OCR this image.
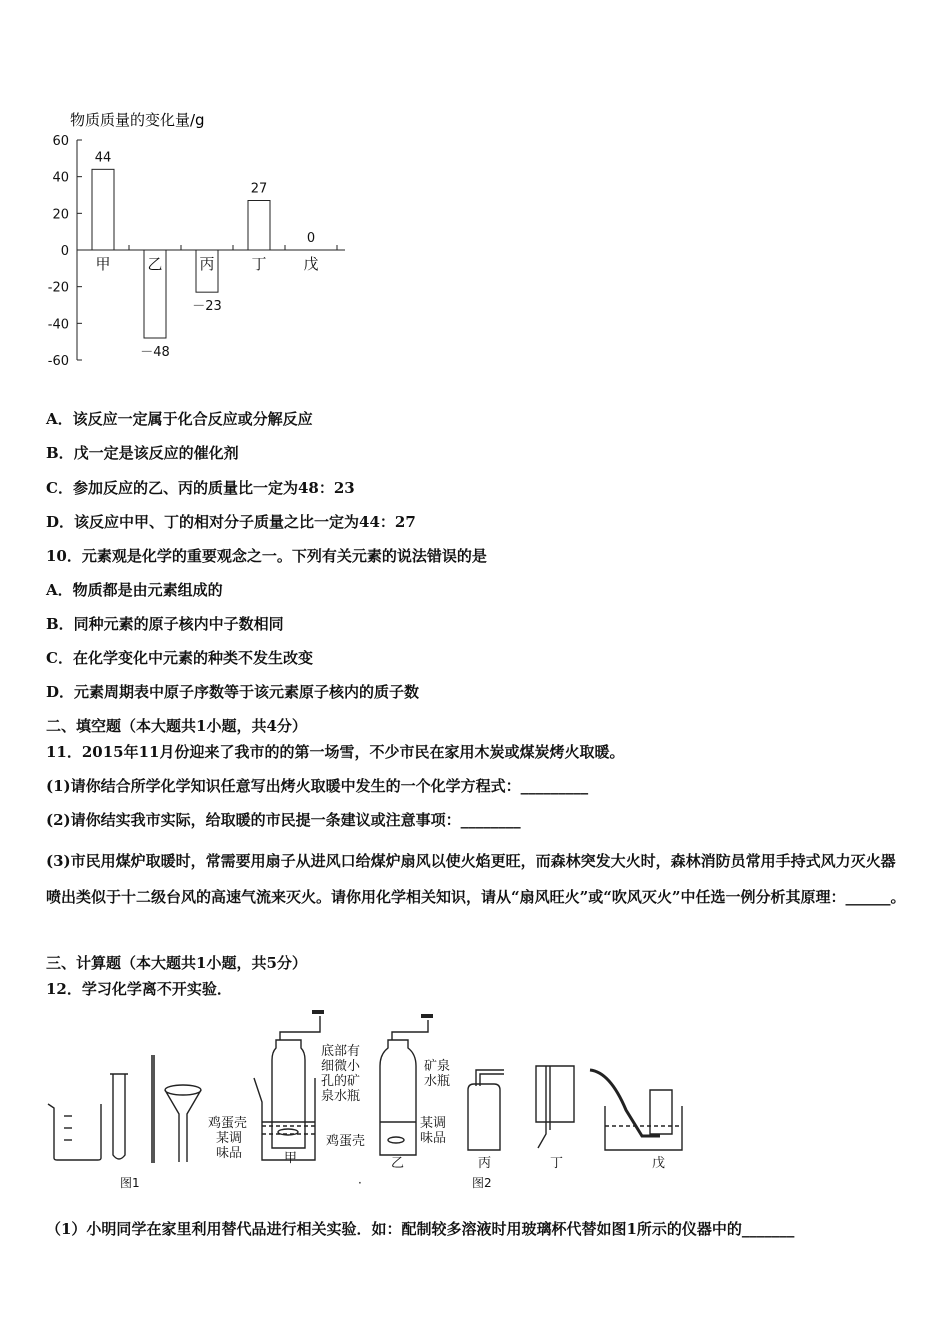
物质质量的变化量/g
60
40
20
0
-20
-40
-60
甲
44
乙
－48
丙
－23
丁
27
戊
0
A．该反应一定属于化合反应或分解反应
B．戊一定是该反应的催化剂
C．参加反应的乙、丙的质量比一定为48：23
D．该反应中甲、丁的相对分子质量之比一定为44：27
10．元素观是化学的重要观念之一。下列有关元素的说法错误的是
A．物质都是由元素组成的
B．同种元素的原子核内中子数相同
C．在化学变化中元素的种类不发生改变
D．元素周期表中原子序数等于该元素原子核内的质子数
二、填空题（本大题共1小题，共4分）
11．2015年11月份迎来了我市的的第一场雪，不少市民在家用木炭或煤炭烤火取暖。
(1)请你结合所学化学知识任意写出烤火取暖中发生的一个化学方程式：_________
(2)请你结实我市实际，给取暖的市民提一条建议或注意事项：________
(3)市民用煤炉取暖时，常需要用扇子从进风口给煤炉扇风以使火焰更旺，而森林突发大火时，森林消防员常用手持式风力灭火器喷出类似于十二级台风的高速气流来灭火。请你用化学相关知识，请从“扇风旺火”或“吹风灭火”中任选一例分析其原理：______。
三、计算题（本大题共1小题，共5分）
12．学习化学离不开实验．
图1	·
底部有
细微小
孔的矿
泉水瓶
鸡蛋壳
某调
味品	甲
矿泉
水瓶
某调
味品
鸡蛋壳
乙	丙	丁	戊
图2
（1）小明同学在家里利用替代品进行相关实验．如：配制较多溶液时用玻璃杯代替如图1所示的仪器中的_______
